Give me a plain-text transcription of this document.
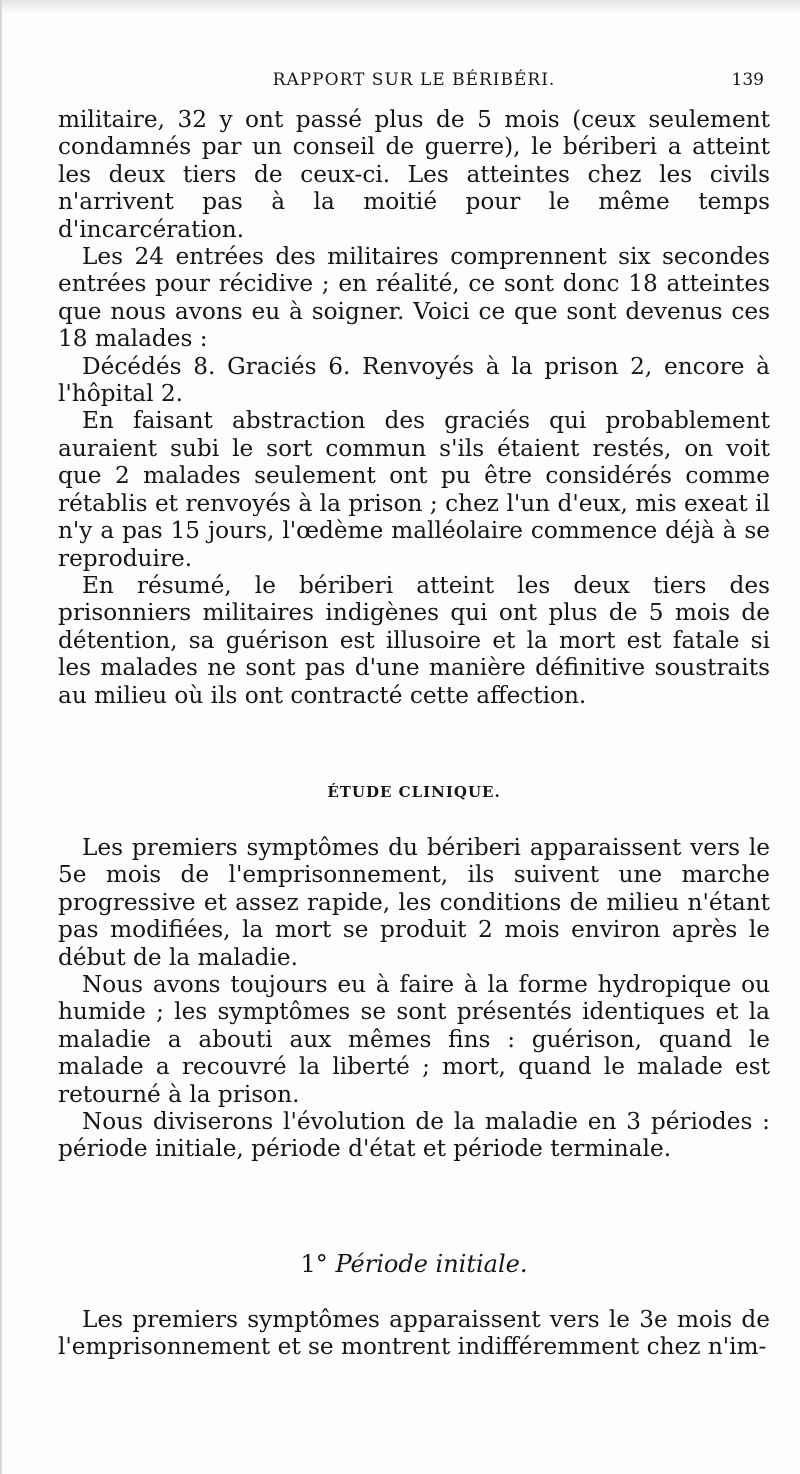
RAPPORT SUR LE BÉRIBÉRI.	139

militaire, 32 y ont passé plus de 5 mois (ceux seulement condamnés par un conseil de guerre), le bériberi a atteint les deux tiers de ceux-ci. Les atteintes chez les civils n'arrivent pas à la moitié pour le même temps d'incarcération.

Les 24 entrées des militaires comprennent six secondes entrées pour récidive ; en réalité, ce sont donc 18 atteintes que nous avons eu à soigner. Voici ce que sont devenus ces 18 malades :

Décédés 8. Graciés 6. Renvoyés à la prison 2, encore à l'hôpital 2.

En faisant abstraction des graciés qui probablement auraient subi le sort commun s'ils étaient restés, on voit que 2 malades seulement ont pu être considérés comme rétablis et renvoyés à la prison ; chez l'un d'eux, mis exeat il n'y a pas 15 jours, l'œdème malléolaire commence déjà à se reproduire.

En résumé, le bériberi atteint les deux tiers des prisonniers militaires indigènes qui ont plus de 5 mois de détention, sa guérison est illusoire et la mort est fatale si les malades ne sont pas d'une manière définitive soustraits au milieu où ils ont contracté cette affection.

ÉTUDE CLINIQUE.

Les premiers symptômes du bériberi apparaissent vers le 5e mois de l'emprisonnement, ils suivent une marche progressive et assez rapide, les conditions de milieu n'étant pas modifiées, la mort se produit 2 mois environ après le début de la maladie.

Nous avons toujours eu à faire à la forme hydropique ou humide ; les symptômes se sont présentés identiques et la maladie a abouti aux mêmes fins : guérison, quand le malade a recouvré la liberté ; mort, quand le malade est retourné à la prison.

Nous diviserons l'évolution de la maladie en 3 périodes : période initiale, période d'état et période terminale.

1° Période initiale.

Les premiers symptômes apparaissent vers le 3e mois de l'emprisonnement et se montrent indifféremment chez n'im-
